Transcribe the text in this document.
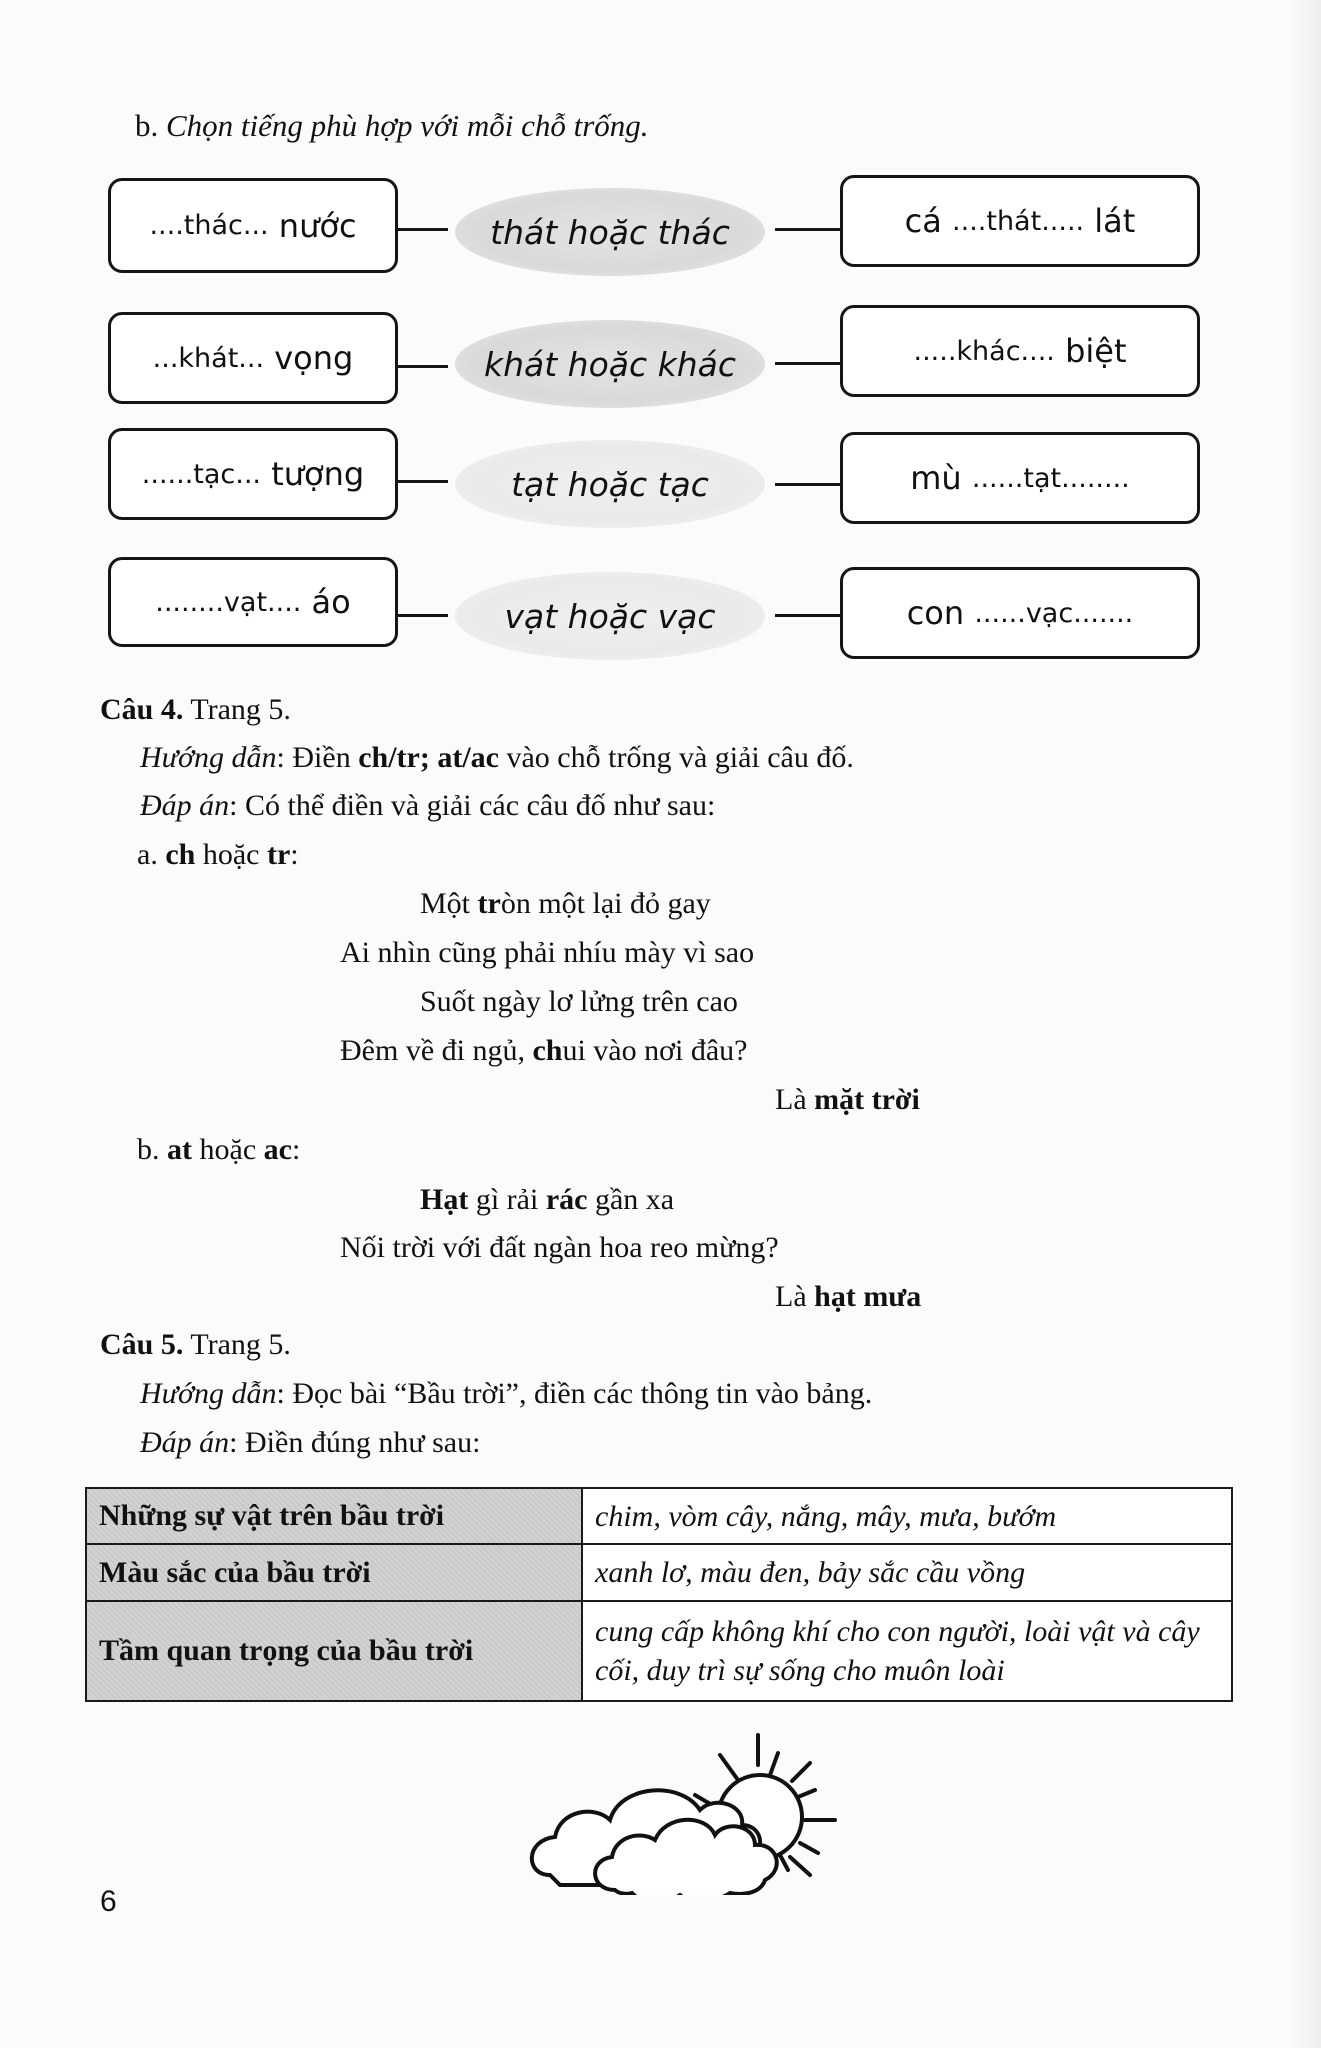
b. Chọn tiếng phù hợp với mỗi chỗ trống.
....thác...
nước	thát hoặc thác	cá
....thát.....
lát
...khát...
vọng	khát hoặc khác	.....khác....
biệt
......tạc...
tượng	tạt hoặc tạc	mù
......tạt........
........vạt....
áo	vạt hoặc vạc	con
......vạc.......
Câu 4. Trang 5.
Hướng dẫn: Điền ch/tr; at/ac vào chỗ trống và giải câu đố.
Đáp án: Có thể điền và giải các câu đố như sau:
a. ch hoặc tr:
Một tròn một lại đỏ gay
Ai nhìn cũng phải nhíu mày vì sao
Suốt ngày lơ lửng trên cao
Đêm về đi ngủ, chui vào nơi đâu?
Là mặt trời
b. at hoặc ac:
Hạt gì rải rác gần xa
Nối trời với đất ngàn hoa reo mừng?
Là hạt mưa
Câu 5. Trang 5.
Hướng dẫn: Đọc bài “Bầu trời”, điền các thông tin vào bảng.
Đáp án: Điền đúng như sau:
Những sự vật trên bầu trời	chim, vòm cây, nắng, mây, mưa, bướm
Màu sắc của bầu trời	xanh lơ, màu đen, bảy sắc cầu vồng
Tầm quan trọng của bầu trời	cung cấp không khí cho con người, loài vật và cây cối, duy trì sự sống cho muôn loài
6
